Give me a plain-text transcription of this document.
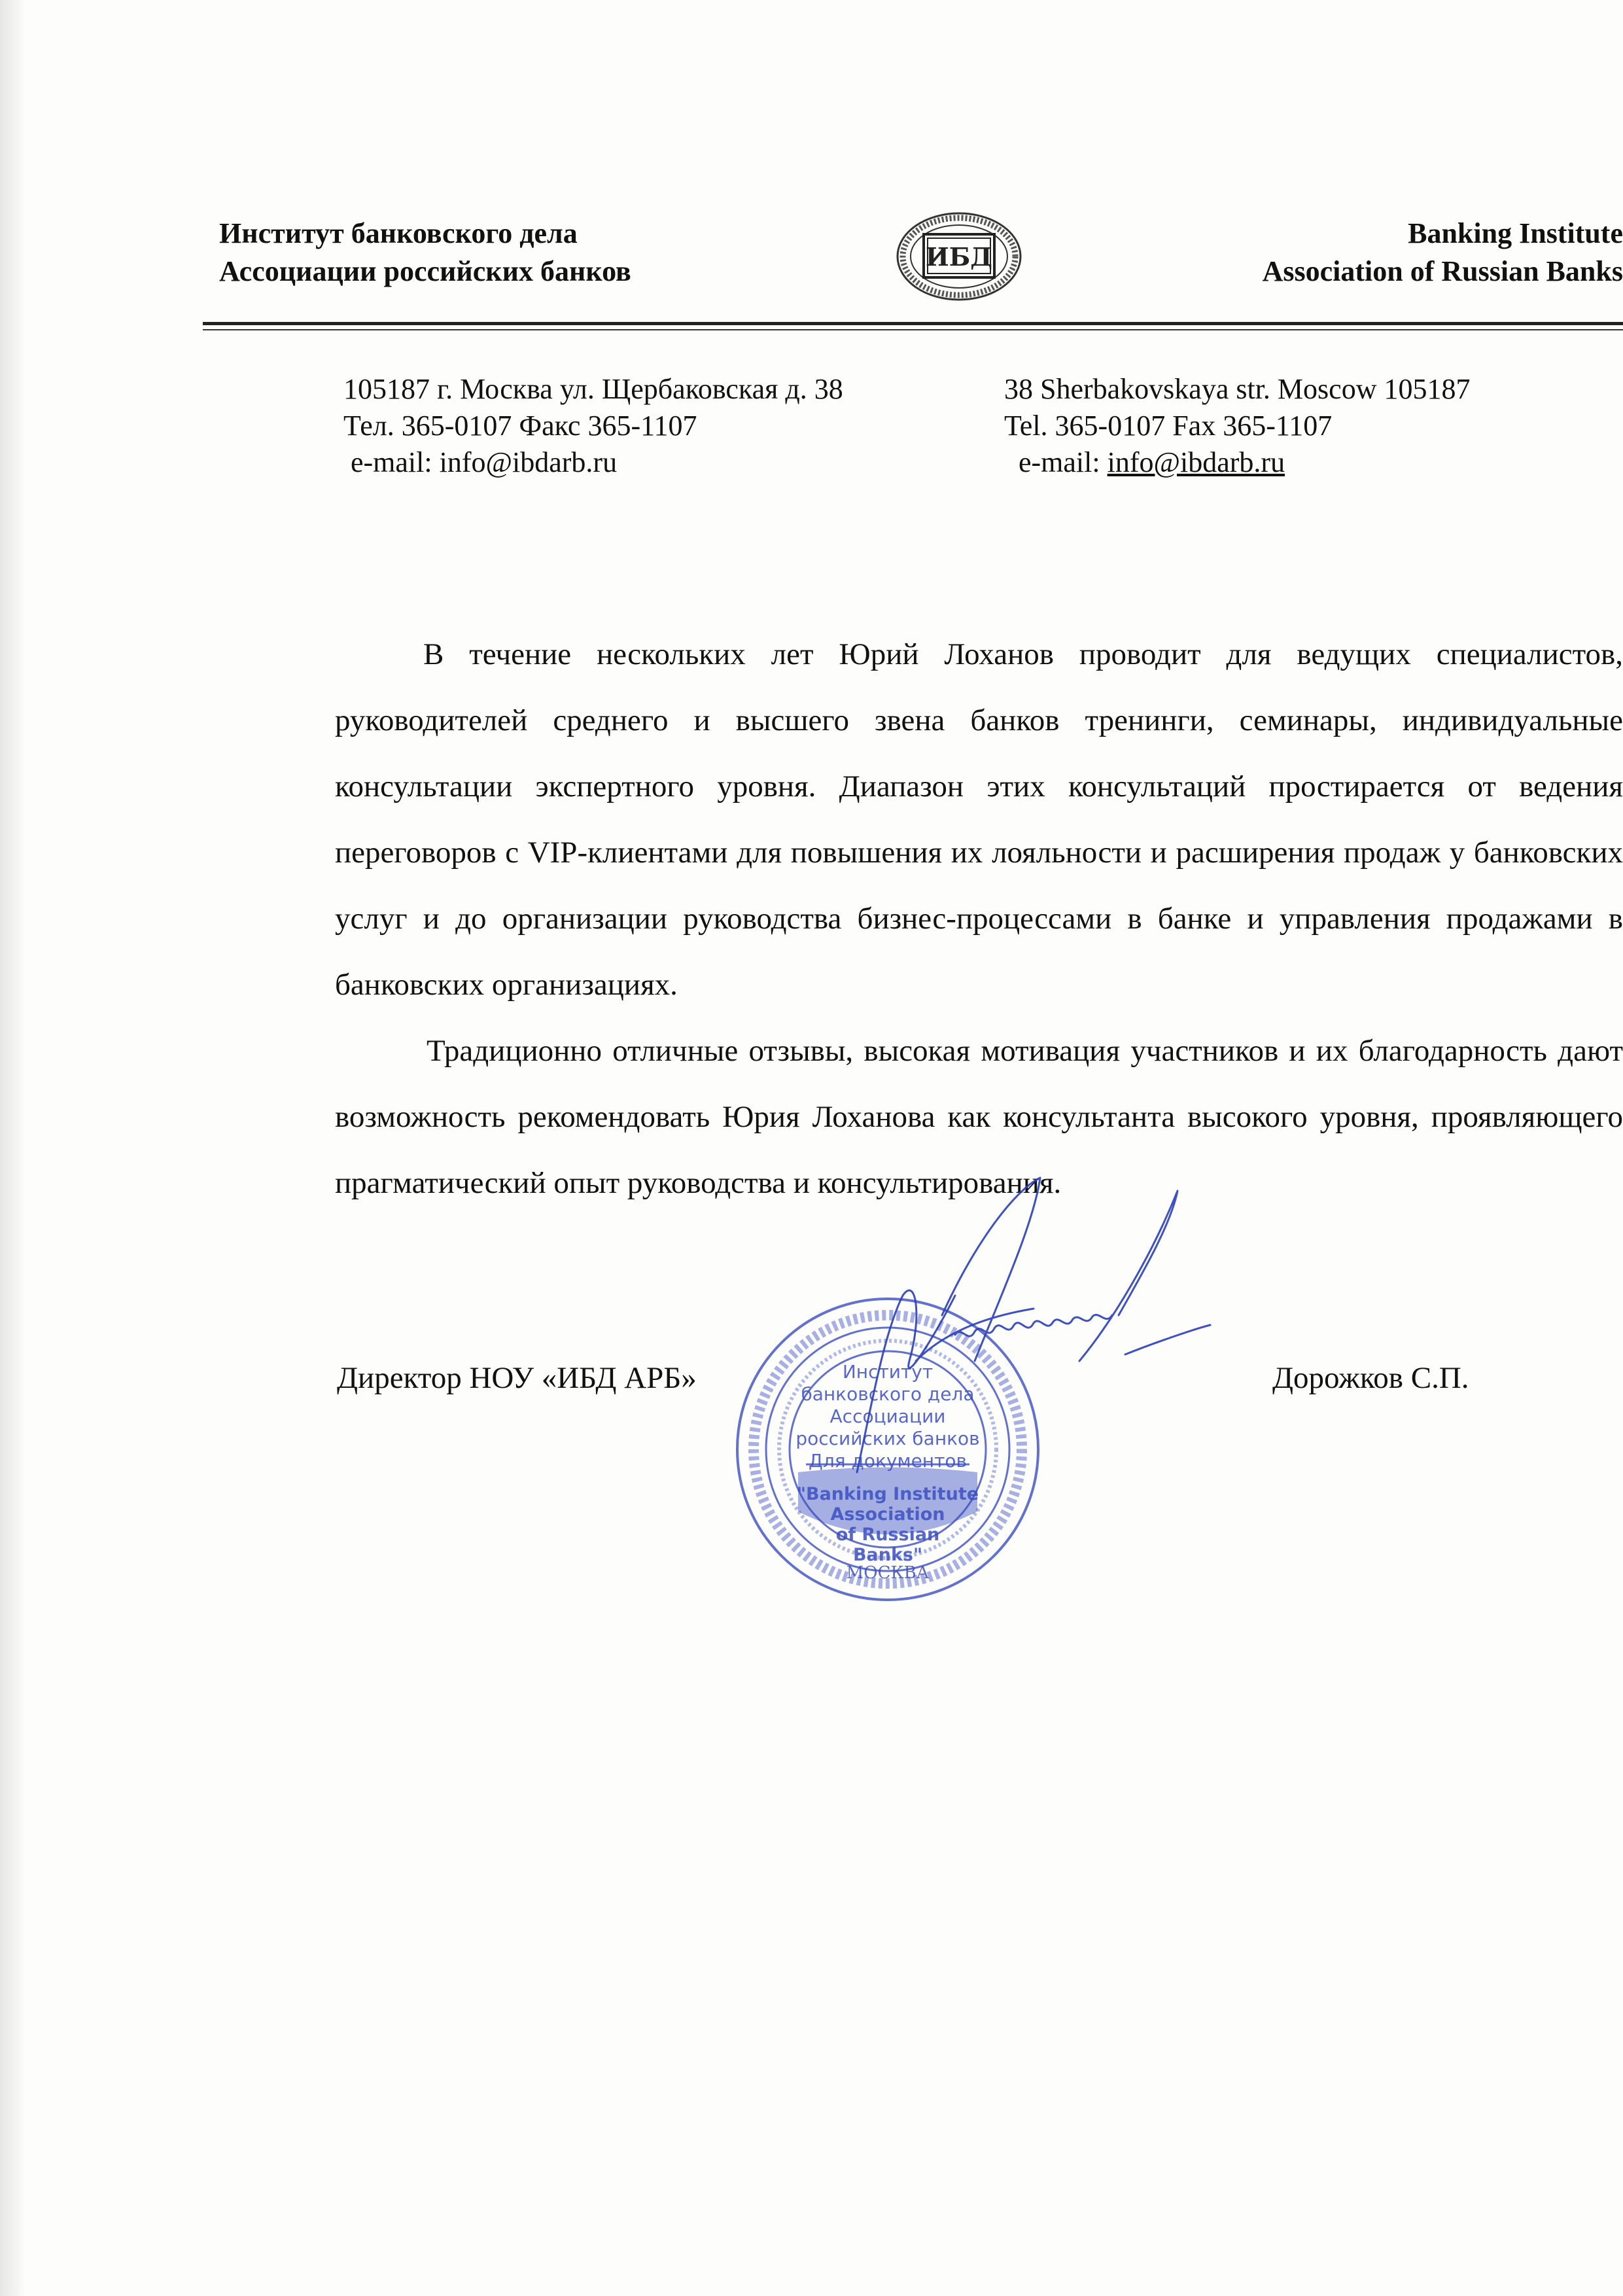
Институт банковского дела
Ассоциации российских банков	ИБД
Banking Institute
Association of Russian Banks
105187 г. Москва ул. Щербаковская д. 38
Тел. 365-0107 Факс 365-1107
e-mail: info@ibdarb.ru
38 Sherbakovskaya str. Moscow 105187
Tel. 365-0107 Fax 365-1107
e-mail: info@ibdarb.ru

В течение нескольких лет Юрий Лоханов проводит для ведущих специалистов, руководителей среднего и высшего звена банков тренинги, семинары, индивидуальные консультации экспертного уровня. Диапазон этих консультаций простирается от ведения переговоров с VIP-клиентами для повышения их лояльности и расширения продаж у банковских услуг и до организации руководства бизнес-процессами в банке и управления продажами в банковских организациях.

Традиционно отличные отзывы, высокая мотивация участников и их благодарность дают возможность рекомендовать Юрия Лоханова как консультанта высокого уровня, проявляющего прагматический опыт руководства и консультирования.

Директор НОУ «ИБД АРБ»	Дорожков С.П.
МОСКВА
Институт
банковского дела
Ассоциации
российских банков
Для документов
"Banking Institute
Association
of Russian
Banks"
